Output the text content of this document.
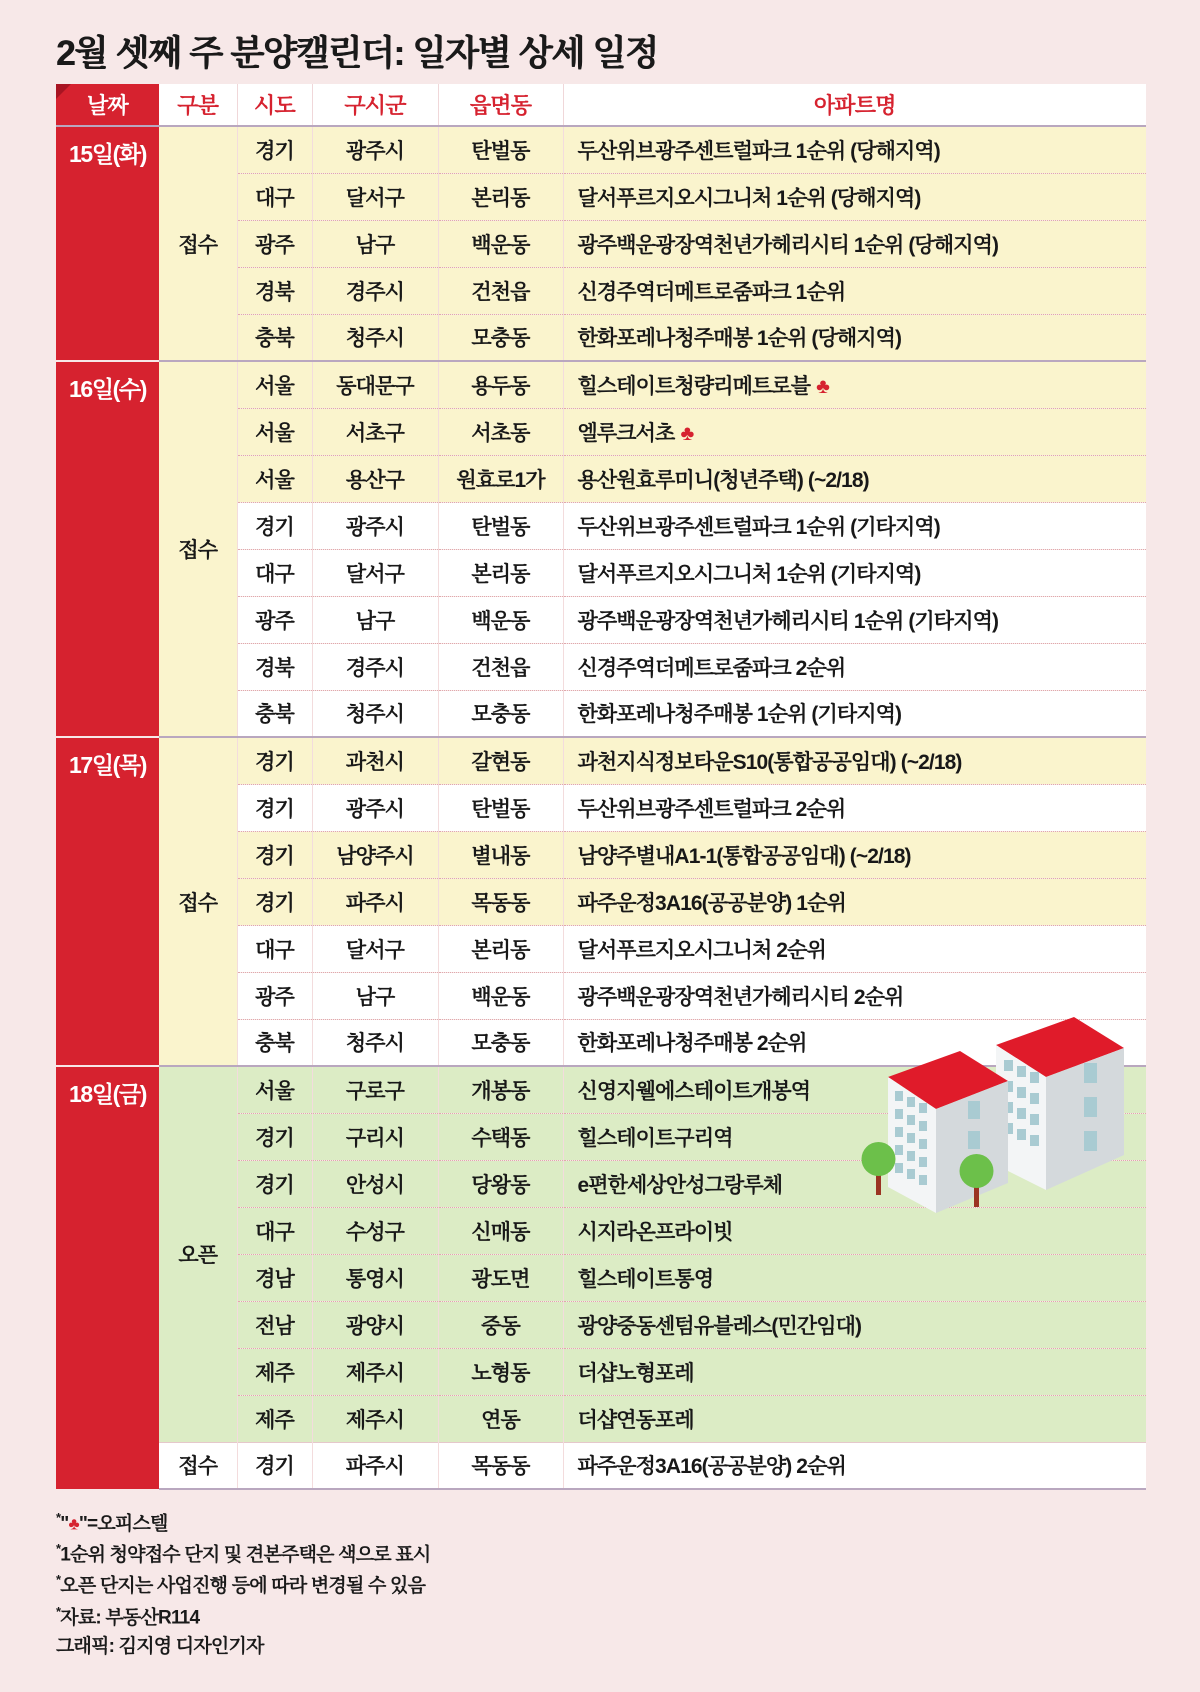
2월 셋째 주 분양캘린더: 일자별 상세 일정
날짜	구분	시도	구시군	읍면동	아파트명

15일(화)	접수	경기	광주시	탄벌동	두산위브광주센트럴파크 1순위 (당해지역)
		대구	달서구	본리동	달서푸르지오시그니처 1순위 (당해지역)
		광주	남구	백운동	광주백운광장역천년가헤리시티 1순위 (당해지역)
		경북	경주시	건천읍	신경주역더메트로줌파크 1순위
		충북	청주시	모충동	한화포레나청주매봉 1순위 (당해지역)

16일(수)	접수	서울	동대문구	용두동	힐스테이트청량리메트로블 ♣
		서울	서초구	서초동	엘루크서초 ♣
		서울	용산구	원효로1가	용산원효루미니(청년주택) (~2/18)
		경기	광주시	탄벌동	두산위브광주센트럴파크 1순위 (기타지역)
		대구	달서구	본리동	달서푸르지오시그니처 1순위 (기타지역)
		광주	남구	백운동	광주백운광장역천년가헤리시티 1순위 (기타지역)
		경북	경주시	건천읍	신경주역더메트로줌파크 2순위
		충북	청주시	모충동	한화포레나청주매봉 1순위 (기타지역)

17일(목)	접수	경기	과천시	갈현동	과천지식정보타운S10(통합공공임대) (~2/18)
		경기	광주시	탄벌동	두산위브광주센트럴파크 2순위
		경기	남양주시	별내동	남양주별내A1-1(통합공공임대) (~2/18)
		경기	파주시	목동동	파주운정3A16(공공분양) 1순위
		대구	달서구	본리동	달서푸르지오시그니처 2순위
		광주	남구	백운동	광주백운광장역천년가헤리시티 2순위
		충북	청주시	모충동	한화포레나청주매봉 2순위

18일(금)	오픈	서울	구로구	개봉동	신영지웰에스테이트개봉역
		경기	구리시	수택동	힐스테이트구리역
		경기	안성시	당왕동	e편한세상안성그랑루체
		대구	수성구	신매동	시지라온프라이빗
		경남	통영시	광도면	힐스테이트통영
		전남	광양시	중동	광양중동센텀유블레스(민간임대)
		제주	제주시	노형동	더샵노형포레
		제주	제주시	연동	더샵연동포레
	접수	경기	파주시	목동동	파주운정3A16(공공분양) 2순위
*"♣"=오피스텔
*1순위 청약접수 단지 및 견본주택은 색으로 표시
*오픈 단지는 사업진행 등에 따라 변경될 수 있음
*자료: 부동산R114
그래픽: 김지영 디자인기자
